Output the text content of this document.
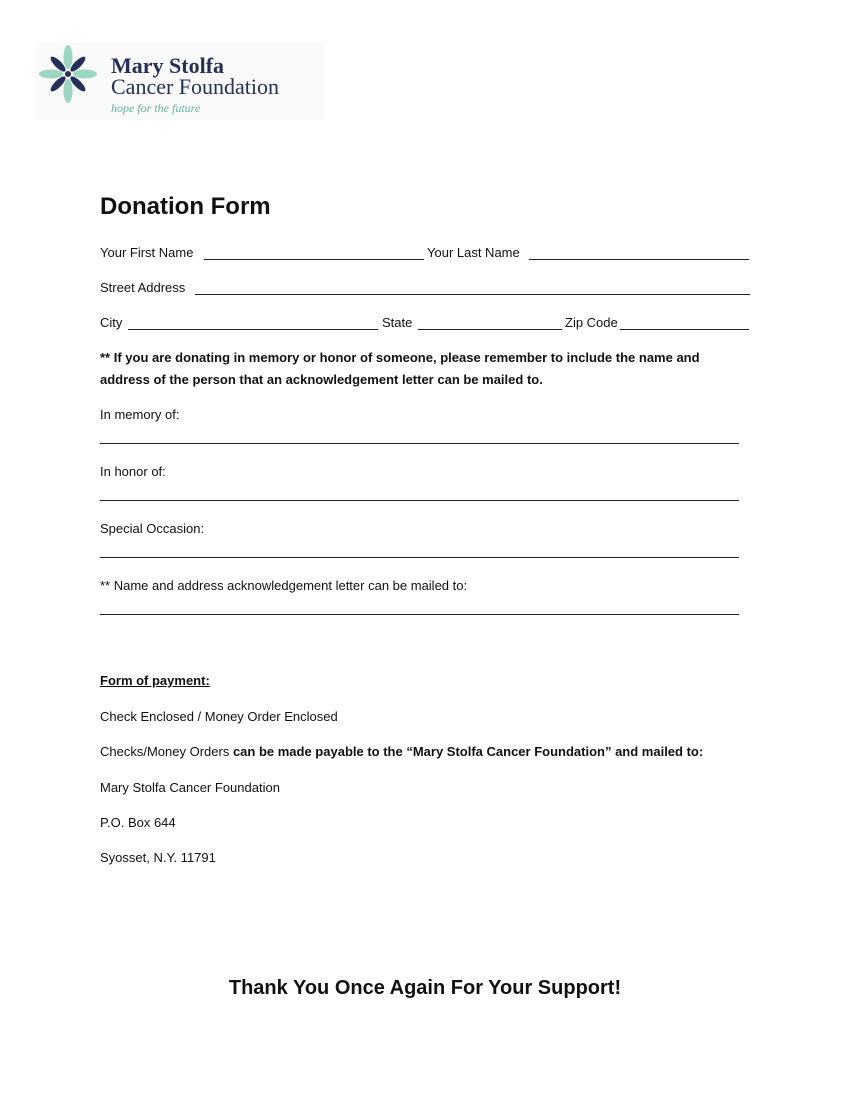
Mary Stolfa
Cancer Foundation
hope for the future
Donation Form
Your First Name	Your Last Name
Street Address
City	State	Zip Code
** If you are donating in memory or honor of someone, please remember to include the name and
address of the person that an acknowledgement letter can be mailed to.
In memory of:
In honor of:
Special Occasion:
** Name and address acknowledgement letter can be mailed to:
Form of payment:
Check Enclosed / Money Order Enclosed
Checks/Money Orders can be made payable to the “Mary Stolfa Cancer Foundation” and mailed to:
Mary Stolfa Cancer Foundation
P.O. Box 644
Syosset, N.Y. 11791
Thank You Once Again For Your Support!
